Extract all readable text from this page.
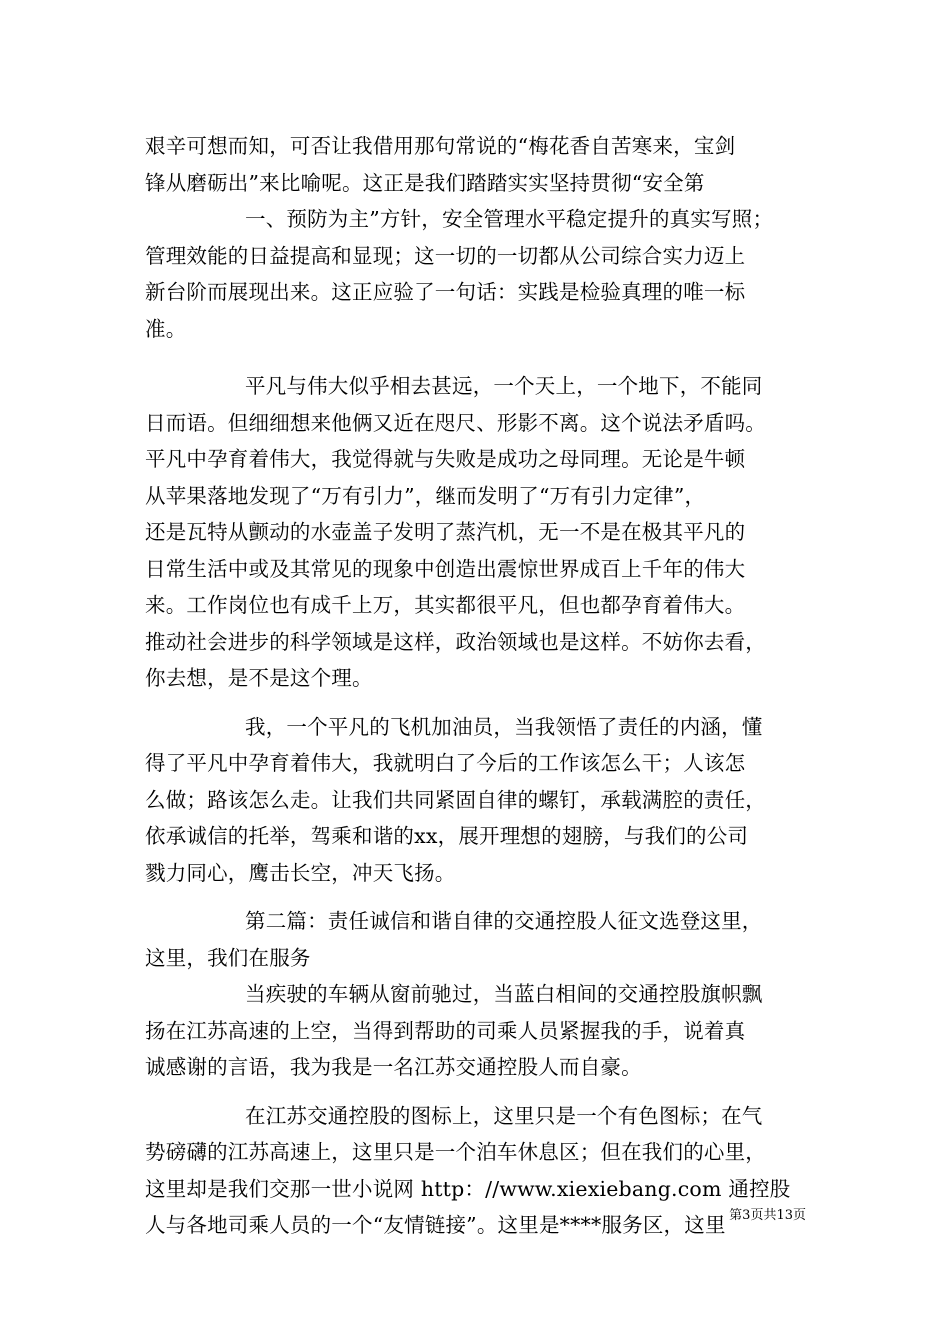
艰辛可想而知，可否让我借用那句常说的“梅花香自苦寒来，宝剑
锋从磨砺出”来比喻呢。这正是我们踏踏实实坚持贯彻“安全第
一、预防为主”方针，安全管理水平稳定提升的真实写照；
管理效能的日益提高和显现；这一切的一切都从公司综合实力迈上
新台阶而展现出来。这正应验了一句话：实践是检验真理的唯一标
准。
平凡与伟大似乎相去甚远，一个天上，一个地下，不能同
日而语。但细细想来他俩又近在咫尺、形影不离。这个说法矛盾吗。
平凡中孕育着伟大，我觉得就与失败是成功之母同理。无论是牛顿
从苹果落地发现了“万有引力”，继而发明了“万有引力定律”，
还是瓦特从颤动的水壶盖子发明了蒸汽机，无一不是在极其平凡的
日常生活中或及其常见的现象中创造出震惊世界成百上千年的伟大
来。工作岗位也有成千上万，其实都很平凡，但也都孕育着伟大。
推动社会进步的科学领域是这样，政治领域也是这样。不妨你去看，
你去想，是不是这个理。
我，一个平凡的飞机加油员，当我领悟了责任的内涵，懂
得了平凡中孕育着伟大，我就明白了今后的工作该怎么干；人该怎
么做；路该怎么走。让我们共同紧固自律的螺钉，承载满腔的责任，
依承诚信的托举，驾乘和谐的xx，展开理想的翅膀，与我们的公司
戮力同心，鹰击长空，冲天飞扬。
第二篇：责任诚信和谐自律的交通控股人征文选登这里，
这里，我们在服务
当疾驶的车辆从窗前驰过，当蓝白相间的交通控股旗帜飘
扬在江苏高速的上空，当得到帮助的司乘人员紧握我的手，说着真
诚感谢的言语，我为我是一名江苏交通控股人而自豪。
在江苏交通控股的图标上，这里只是一个有色图标；在气
势磅礴的江苏高速上，这里只是一个泊车休息区；但在我们的心里，
这里却是我们交那一世小说网 http：//www.xiexiebang.com 通控股
人与各地司乘人员的一个“友情链接”。这里是****服务区，这里 第3页共13页
